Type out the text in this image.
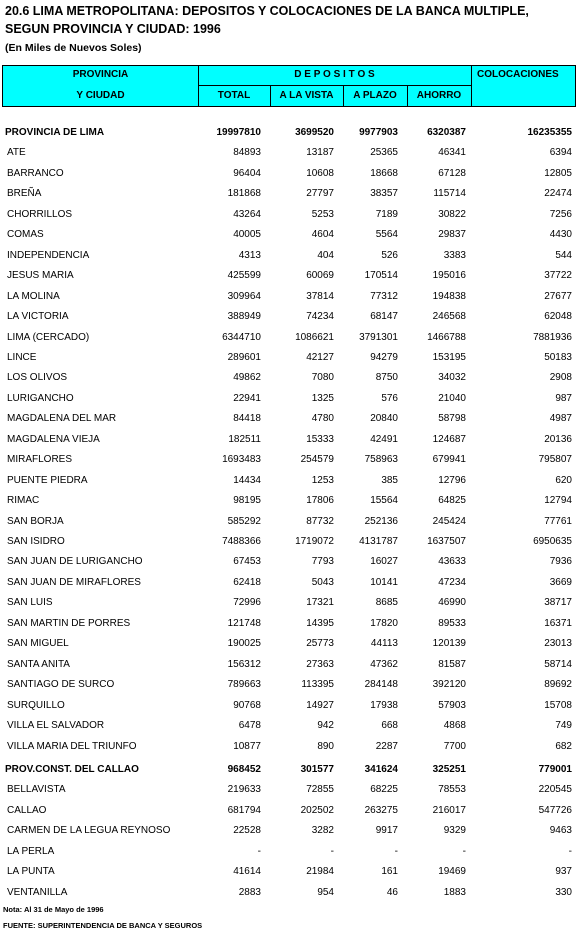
20.6 LIMA METROPOLITANA: DEPOSITOS Y COLOCACIONES DE LA BANCA MULTIPLE,
SEGUN PROVINCIA Y CIUDAD: 1996
(En Miles de Nuevos Soles)
PROVINCIA
Y CIUDAD
D E P O S I T O S
TOTAL	A LA VISTA	A PLAZO	AHORRO
COLOCACIONES
PROVINCIA DE LIMA	19997810	3699520	9977903	6320387	16235355
ATE	84893	13187	25365	46341	6394
BARRANCO	96404	10608	18668	67128	12805
BREÑA	181868	27797	38357	115714	22474
CHORRILLOS	43264	5253	7189	30822	7256
COMAS	40005	4604	5564	29837	4430
INDEPENDENCIA	4313	404	526	3383	544
JESUS MARIA	425599	60069	170514	195016	37722
LA MOLINA	309964	37814	77312	194838	27677
LA VICTORIA	388949	74234	68147	246568	62048
LIMA (CERCADO)	6344710	1086621	3791301	1466788	7881936
LINCE	289601	42127	94279	153195	50183
LOS OLIVOS	49862	7080	8750	34032	2908
LURIGANCHO	22941	1325	576	21040	987
MAGDALENA DEL MAR	84418	4780	20840	58798	4987
MAGDALENA VIEJA	182511	15333	42491	124687	20136
MIRAFLORES	1693483	254579	758963	679941	795807
PUENTE PIEDRA	14434	1253	385	12796	620
RIMAC	98195	17806	15564	64825	12794
SAN BORJA	585292	87732	252136	245424	77761
SAN ISIDRO	7488366	1719072	4131787	1637507	6950635
SAN JUAN DE LURIGANCHO	67453	7793	16027	43633	7936
SAN JUAN DE MIRAFLORES	62418	5043	10141	47234	3669
SAN LUIS	72996	17321	8685	46990	38717
SAN MARTIN DE PORRES	121748	14395	17820	89533	16371
SAN MIGUEL	190025	25773	44113	120139	23013
SANTA ANITA	156312	27363	47362	81587	58714
SANTIAGO DE SURCO	789663	113395	284148	392120	89692
SURQUILLO	90768	14927	17938	57903	15708
VILLA EL SALVADOR	6478	942	668	4868	749
VILLA MARIA DEL TRIUNFO	10877	890	2287	7700	682
PROV.CONST. DEL CALLAO	968452	301577	341624	325251	779001
BELLAVISTA	219633	72855	68225	78553	220545
CALLAO	681794	202502	263275	216017	547726
CARMEN DE LA LEGUA REYNOSO	22528	3282	9917	9329	9463
LA PERLA	-	-	-	-	-
LA PUNTA	41614	21984	161	19469	937
VENTANILLA	2883	954	46	1883	330
Nota: Al 31 de Mayo de 1996
FUENTE: SUPERINTENDENCIA DE BANCA Y SEGUROS
